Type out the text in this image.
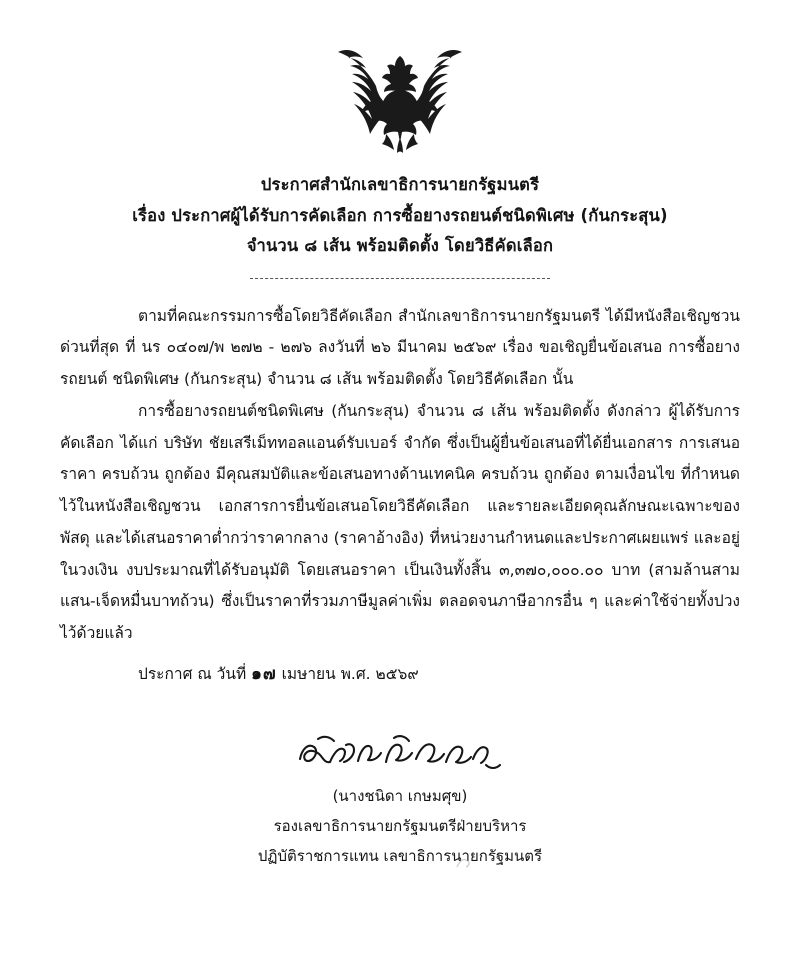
ประกาศสำนักเลขาธิการนายกรัฐมนตรี
เรื่อง ประกาศผู้ได้รับการคัดเลือก การซื้อยางรถยนต์ชนิดพิเศษ (กันกระสุน)
จำนวน ๘ เส้น พร้อมติดตั้ง โดยวิธีคัดเลือก

ตามที่คณะกรรมการซื้อโดยวิธีคัดเลือก สำนักเลขาธิการนายกรัฐมนตรี ได้มีหนังสือเชิญชวน ด่วนที่สุด ที่ นร ๐๔๐๗/พ ๒๗๒ - ๒๗๖ ลงวันที่ ๒๖ มีนาคม ๒๕๖๙ เรื่อง ขอเชิญยื่นข้อเสนอ การซื้อยางรถยนต์ ชนิดพิเศษ (กันกระสุน) จำนวน ๘ เส้น พร้อมติดตั้ง โดยวิธีคัดเลือก นั้น

การซื้อยางรถยนต์ชนิดพิเศษ (กันกระสุน) จำนวน ๘ เส้น พร้อมติดตั้ง ดังกล่าว ผู้ได้รับการคัดเลือก ได้แก่ บริษัท ชัยเสรีเม็ททอลแอนด์รับเบอร์ จำกัด ซึ่งเป็นผู้ยื่นข้อเสนอที่ได้ยื่นเอกสาร การเสนอราคา ครบถ้วน ถูกต้อง มีคุณสมบัติและข้อเสนอทางด้านเทคนิค ครบถ้วน ถูกต้อง ตามเงื่อนไข ที่กำหนดไว้ในหนังสือเชิญชวน เอกสารการยื่นข้อเสนอโดยวิธีคัดเลือก และรายละเอียดคุณลักษณะเฉพาะของพัสดุ และได้เสนอราคาต่ำกว่าราคากลาง (ราคาอ้างอิง) ที่หน่วยงานกำหนดและประกาศเผยแพร่ และอยู่ในวงเงิน งบประมาณที่ได้รับอนุมัติ โดยเสนอราคา เป็นเงินทั้งสิ้น ๓,๓๗๐,๐๐๐.๐๐ บาท (สามล้านสามแสน-เจ็ดหมื่นบาทถ้วน) ซึ่งเป็นราคาที่รวมภาษีมูลค่าเพิ่ม ตลอดจนภาษีอากรอื่น ๆ และค่าใช้จ่ายทั้งปวงไว้ด้วยแล้ว

ประกาศ ณ วันที่ ๑๗ เมษายน พ.ศ. ๒๕๖๙
(นางชนิดา เกษมศุข)
รองเลขาธิการนายกรัฐมนตรีฝ่ายบริหาร
ปฏิบัติราชการแทน เลขาธิการนายกรัฐมนตรี
